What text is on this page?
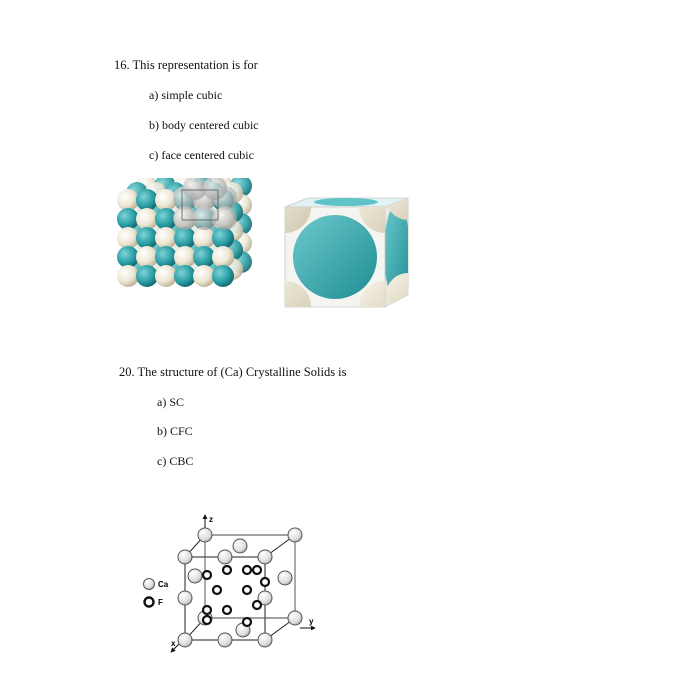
16. This representation is for
a) simple cubic
b) body centered cubic
c) face centered cubic
20. The structure of (Ca) Crystalline Solids is
a) SC
b) CFC
c) CBC
Ca
F
z
y
x
